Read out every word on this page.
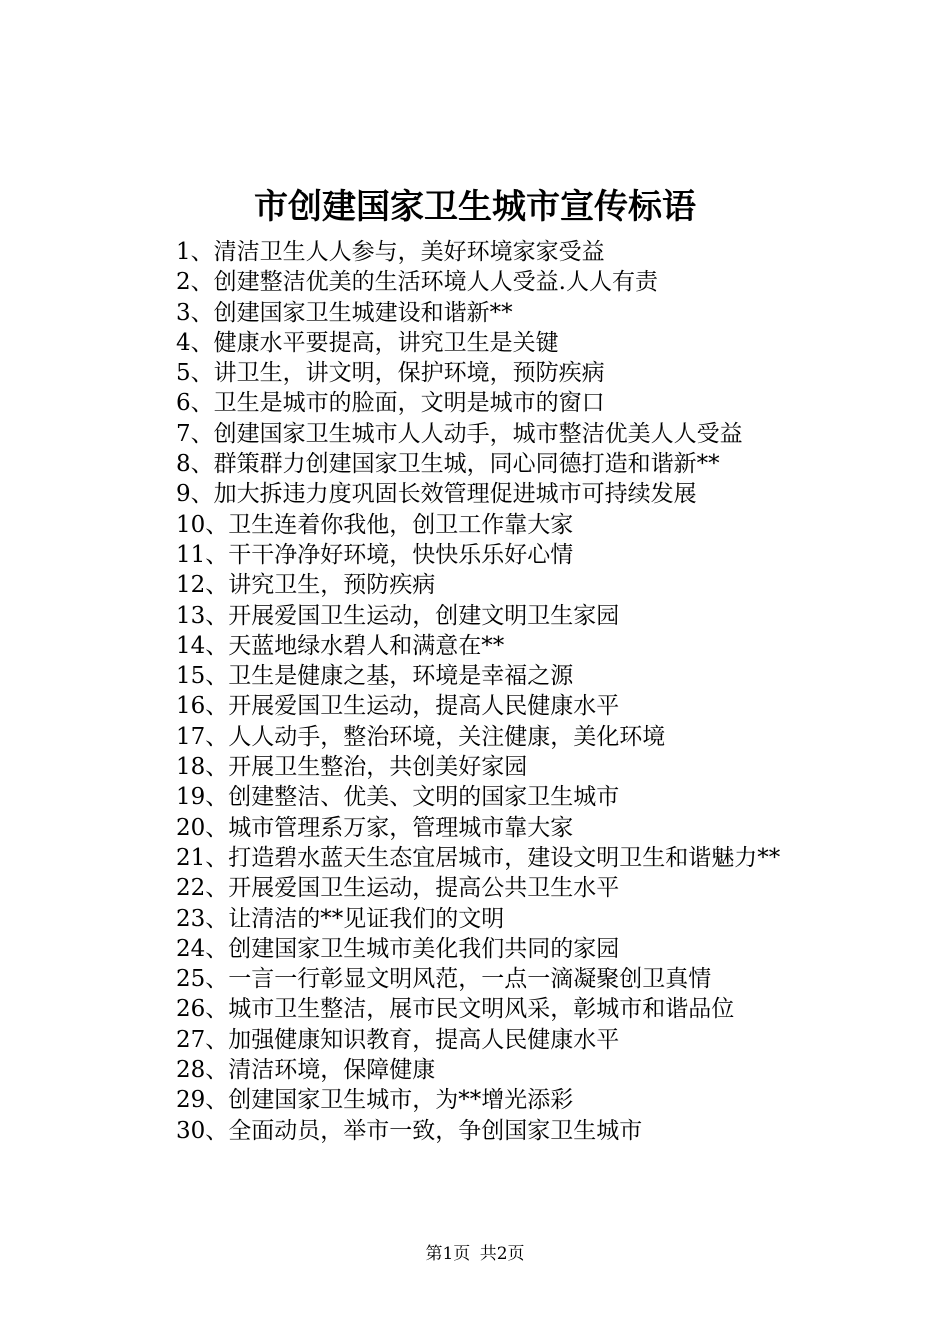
市创建国家卫生城市宣传标语
1、清洁卫生人人参与，美好环境家家受益
2、创建整洁优美的生活环境人人受益.人人有责
3、创建国家卫生城建设和谐新**
4、健康水平要提高，讲究卫生是关键
5、讲卫生，讲文明，保护环境，预防疾病
6、卫生是城市的脸面，文明是城市的窗口
7、创建国家卫生城市人人动手，城市整洁优美人人受益
8、群策群力创建国家卫生城，同心同德打造和谐新**
9、加大拆违力度巩固长效管理促进城市可持续发展
10、卫生连着你我他，创卫工作靠大家
11、干干净净好环境，快快乐乐好心情
12、讲究卫生，预防疾病
13、开展爱国卫生运动，创建文明卫生家园
14、天蓝地绿水碧人和满意在**
15、卫生是健康之基，环境是幸福之源
16、开展爱国卫生运动，提高人民健康水平
17、人人动手，整治环境，关注健康，美化环境
18、开展卫生整治，共创美好家园
19、创建整洁、优美、文明的国家卫生城市
20、城市管理系万家，管理城市靠大家
21、打造碧水蓝天生态宜居城市，建设文明卫生和谐魅力**
22、开展爱国卫生运动，提高公共卫生水平
23、让清洁的**见证我们的文明
24、创建国家卫生城市美化我们共同的家园
25、一言一行彰显文明风范，一点一滴凝聚创卫真情
26、城市卫生整洁，展市民文明风采，彰城市和谐品位
27、加强健康知识教育，提高人民健康水平
28、清洁环境，保障健康
29、创建国家卫生城市，为**增光添彩
30、全面动员，举市一致，争创国家卫生城市
第1页 共2页
